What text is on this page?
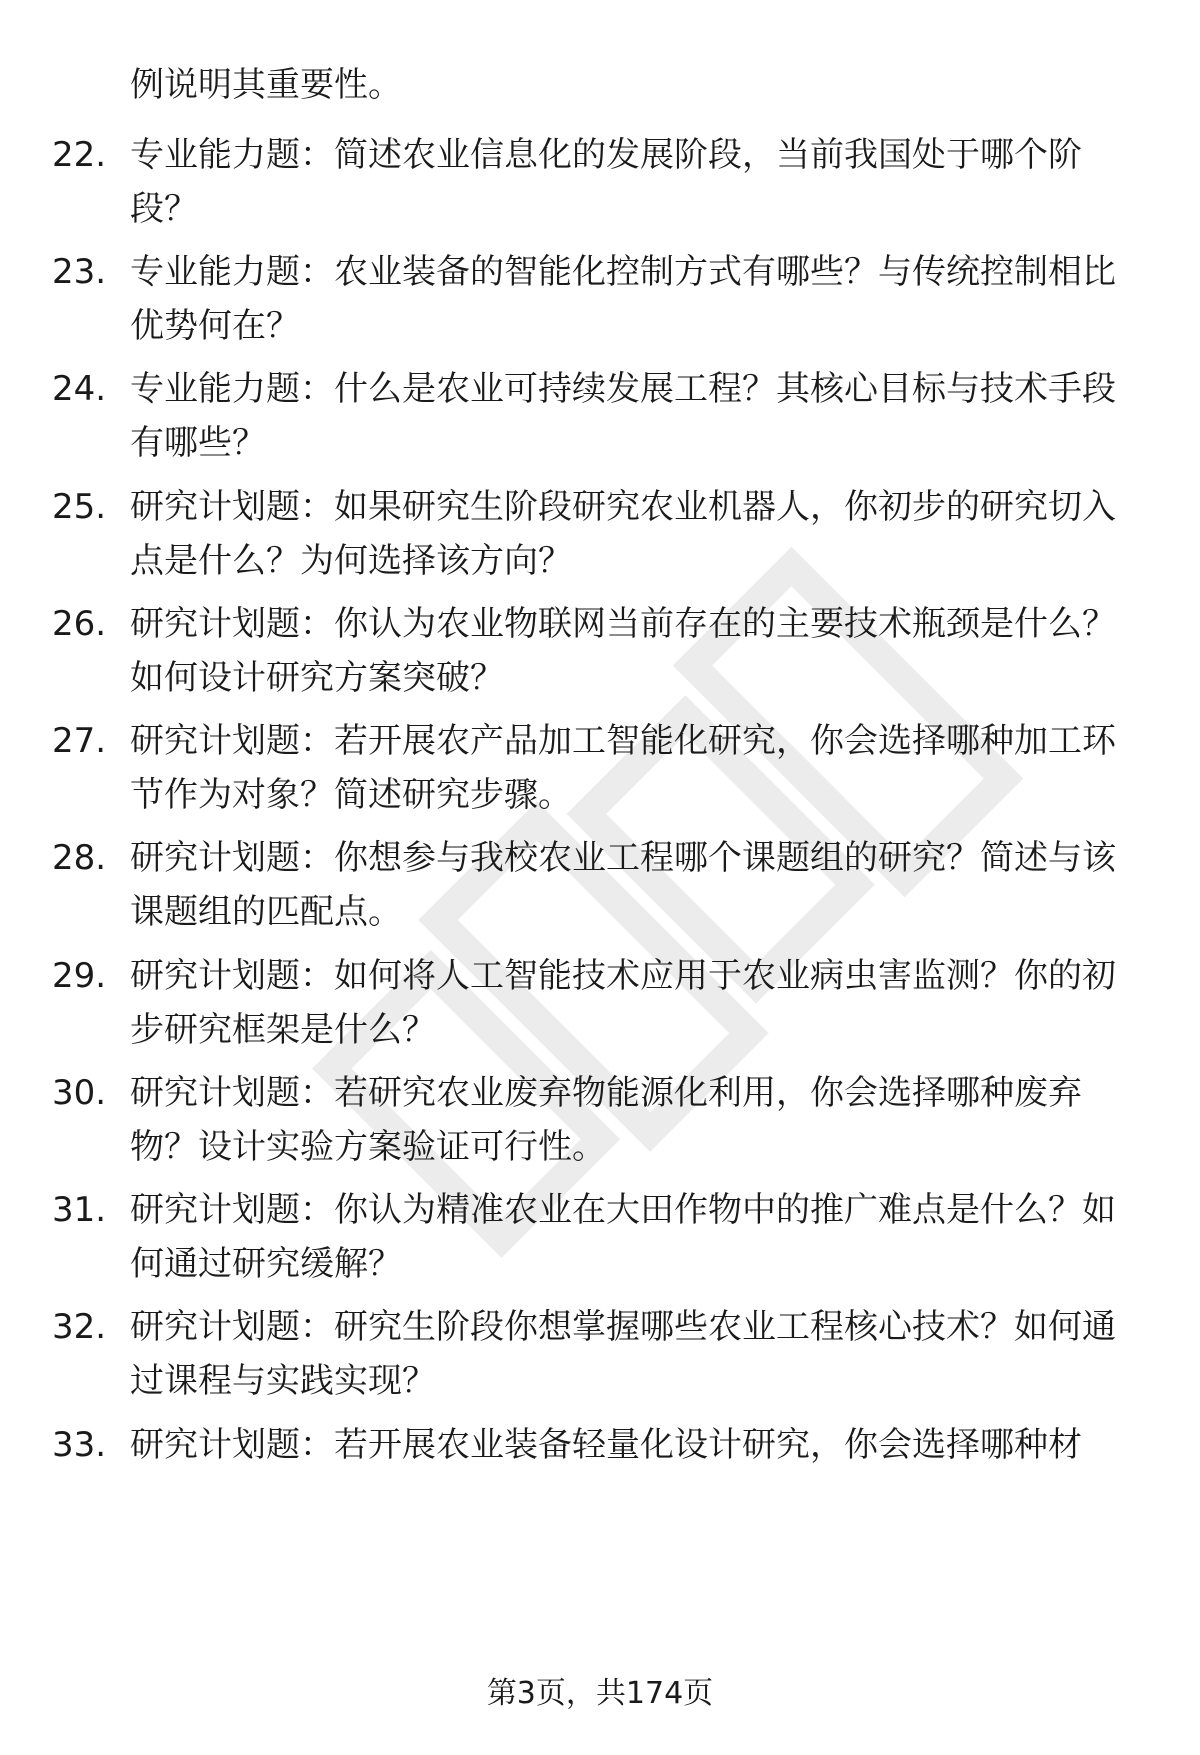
例说明其重要性。
22. 专业能力题：简述农业信息化的发展阶段，当前我国处于哪个阶段？
23. 专业能力题：农业装备的智能化控制方式有哪些？与传统控制相比优势何在？
24. 专业能力题：什么是农业可持续发展工程？其核心目标与技术手段有哪些？
25. 研究计划题：如果研究生阶段研究农业机器人，你初步的研究切入点是什么？为何选择该方向？
26. 研究计划题：你认为农业物联网当前存在的主要技术瓶颈是什么？如何设计研究方案突破？
27. 研究计划题：若开展农产品加工智能化研究，你会选择哪种加工环节作为对象？简述研究步骤。
28. 研究计划题：你想参与我校农业工程哪个课题组的研究？简述与该课题组的匹配点。
29. 研究计划题：如何将人工智能技术应用于农业病虫害监测？你的初步研究框架是什么？
30. 研究计划题：若研究农业废弃物能源化利用，你会选择哪种废弃物？设计实验方案验证可行性。
31. 研究计划题：你认为精准农业在大田作物中的推广难点是什么？如何通过研究缓解？
32. 研究计划题：研究生阶段你想掌握哪些农业工程核心技术？如何通过课程与实践实现？
33. 研究计划题：若开展农业装备轻量化设计研究，你会选择哪种材
第3页，共174页
